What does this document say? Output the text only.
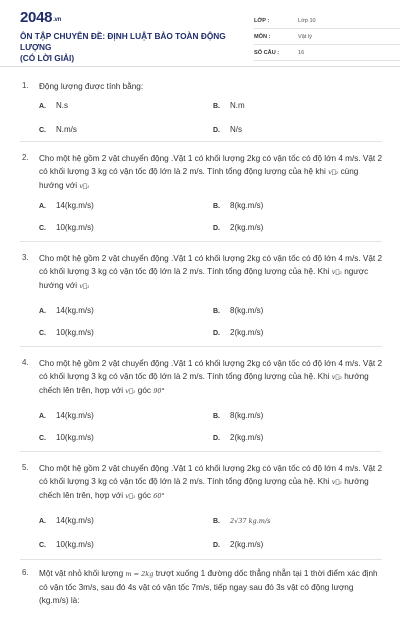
2048.vn
ÔN TẬP CHUYÊN ĐỀ: ĐỊNH LUẬT BẢO TOÀN ĐỘNG LƯỢNG
(CÓ LỜI GIẢI)
LỚP :	Lớp 10
MÔN :	Vật lý
SỐ CÂU :	16
1. Động lượng được tính bằng:
A. N.s	B. N.m
C. N.m/s	D. N/s
2. Cho một hệ gồm 2 vật chuyển động .Vật 1 có khối lượng 2kg có vận tốc có độ lớn 4 m/s. Vật 2 có khối lượng 3 kg có vận tốc độ lớn là 2 m/s. Tính tổng động lượng của hệ khi v⃗₂ cùng hướng với v⃗₁
A. 14(kg.m/s)	B. 8(kg.m/s)
C. 10(kg.m/s)	D. 2(kg.m/s)
3. Cho một hệ gồm 2 vật chuyển động .Vật 1 có khối lượng 2kg có vận tốc có độ lớn 4 m/s. Vật 2 có khối lượng 3 kg có vận tốc độ lớn là 2 m/s. Tính tổng động lượng của hệ. Khi v⃗₂ ngược hướng với v⃗₁
A. 14(kg.m/s)	B. 8(kg.m/s)
C. 10(kg.m/s)	D. 2(kg.m/s)
4. Cho một hệ gồm 2 vật chuyển động .Vật 1 có khối lượng 2kg có vận tốc có độ lớn 4 m/s. Vật 2 có khối lượng 3 kg có vận tốc độ lớn là 2 m/s. Tính tổng động lượng của hệ. Khi v⃗₂ hướng chếch lên trên, hợp với v⃗₁ góc 90°
A. 14(kg.m/s)	B. 8(kg.m/s)
C. 10(kg.m/s)	D. 2(kg.m/s)
5. Cho một hệ gồm 2 vật chuyển động .Vật 1 có khối lượng 2kg có vận tốc có độ lớn 4 m/s. Vật 2 có khối lượng 3 kg có vận tốc độ lớn là 2 m/s. Tính tổng động lượng của hệ. Khi v⃗₂ hướng chếch lên trên, hợp với v⃗₁ góc 60°
A. 14(kg.m/s)	B. 2√37 kg.m/s
C. 10(kg.m/s)	D. 2(kg.m/s)
6. Một vật nhỏ khối lượng m = 2kg trượt xuống 1 đường dốc thẳng nhẵn tại 1 thời điểm xác định có vận tốc 3m/s, sau đó 4s vật có vận tốc 7m/s, tiếp ngay sau đó 3s vật có động lượng (kg.m/s) là:
